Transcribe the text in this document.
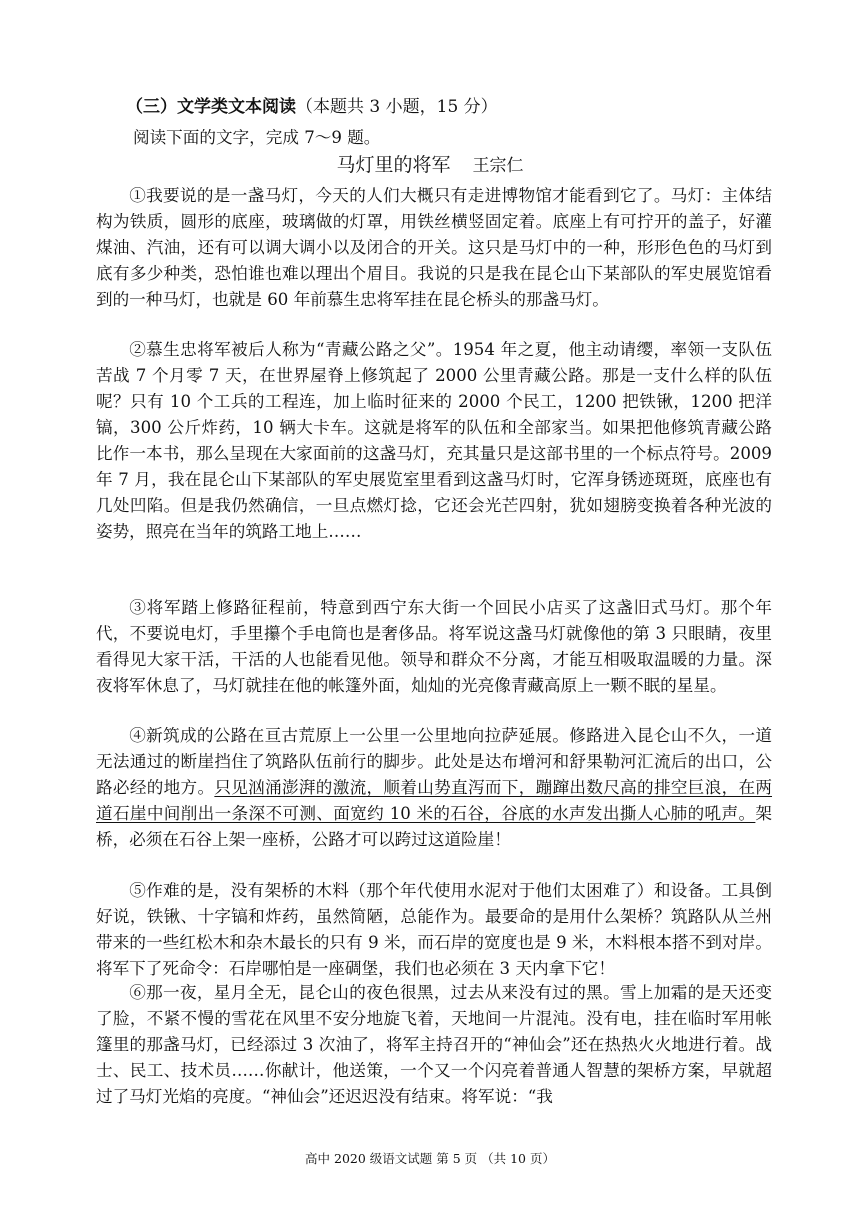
（三）文学类文本阅读（本题共 3 小题，15 分）
阅读下面的文字，完成 7～9 题。
马灯里的将军 王宗仁

①我要说的是一盏马灯，今天的人们大概只有走进博物馆才能看到它了。马灯：主体结构为铁质，圆形的底座，玻璃做的灯罩，用铁丝横竖固定着。底座上有可拧开的盖子，好灌煤油、汽油，还有可以调大调小以及闭合的开关。这只是马灯中的一种，形形色色的马灯到底有多少种类，恐怕谁也难以理出个眉目。我说的只是我在昆仑山下某部队的军史展览馆看到的一种马灯，也就是 60 年前慕生忠将军挂在昆仑桥头的那盏马灯。

②慕生忠将军被后人称为“青藏公路之父”。1954 年之夏，他主动请缨，率领一支队伍苦战 7 个月零 7 天，在世界屋脊上修筑起了 2000 公里青藏公路。那是一支什么样的队伍呢？只有 10 个工兵的工程连，加上临时征来的 2000 个民工，1200 把铁锹，1200 把洋镐，300 公斤炸药，10 辆大卡车。这就是将军的队伍和全部家当。如果把他修筑青藏公路比作一本书，那么呈现在大家面前的这盏马灯，充其量只是这部书里的一个标点符号。2009 年 7 月，我在昆仑山下某部队的军史展览室里看到这盏马灯时，它浑身锈迹斑斑，底座也有几处凹陷。但是我仍然确信，一旦点燃灯捻，它还会光芒四射，犹如翅膀变换着各种光波的姿势，照亮在当年的筑路工地上……

③将军踏上修路征程前，特意到西宁东大街一个回民小店买了这盏旧式马灯。那个年代，不要说电灯，手里攥个手电筒也是奢侈品。将军说这盏马灯就像他的第 3 只眼睛，夜里看得见大家干活，干活的人也能看见他。领导和群众不分离，才能互相吸取温暖的力量。深夜将军休息了，马灯就挂在他的帐篷外面，灿灿的光亮像青藏高原上一颗不眠的星星。

④新筑成的公路在亘古荒原上一公里一公里地向拉萨延展。修路进入昆仑山不久，一道无法通过的断崖挡住了筑路队伍前行的脚步。此处是达布增河和舒果勒河汇流后的出口，公路必经的地方。只见汹涌澎湃的激流，顺着山势直泻而下，蹦蹿出数尺高的排空巨浪，在两道石崖中间削出一条深不可测、面宽约 10 米的石谷，谷底的水声发出撕人心肺的吼声。架桥，必须在石谷上架一座桥，公路才可以跨过这道险崖！

⑤作难的是，没有架桥的木料（那个年代使用水泥对于他们太困难了）和设备。工具倒好说，铁锹、十字镐和炸药，虽然简陋，总能作为。最要命的是用什么架桥？筑路队从兰州带来的一些红松木和杂木最长的只有 9 米，而石岸的宽度也是 9 米，木料根本搭不到对岸。将军下了死命令：石岸哪怕是一座碉堡，我们也必须在 3 天内拿下它！

⑥那一夜，星月全无，昆仑山的夜色很黑，过去从来没有过的黑。雪上加霜的是天还变了脸，不紧不慢的雪花在风里不安分地旋飞着，天地间一片混沌。没有电，挂在临时军用帐篷里的那盏马灯，已经添过 3 次油了，将军主持召开的“神仙会”还在热热火火地进行着。战士、民工、技术员……你献计，他送策，一个又一个闪亮着普通人智慧的架桥方案，早就超过了马灯光焰的亮度。“神仙会”还迟迟没有结束。将军说：“我

高中 2020 级语文试题 第 5 页 （共 10 页）
